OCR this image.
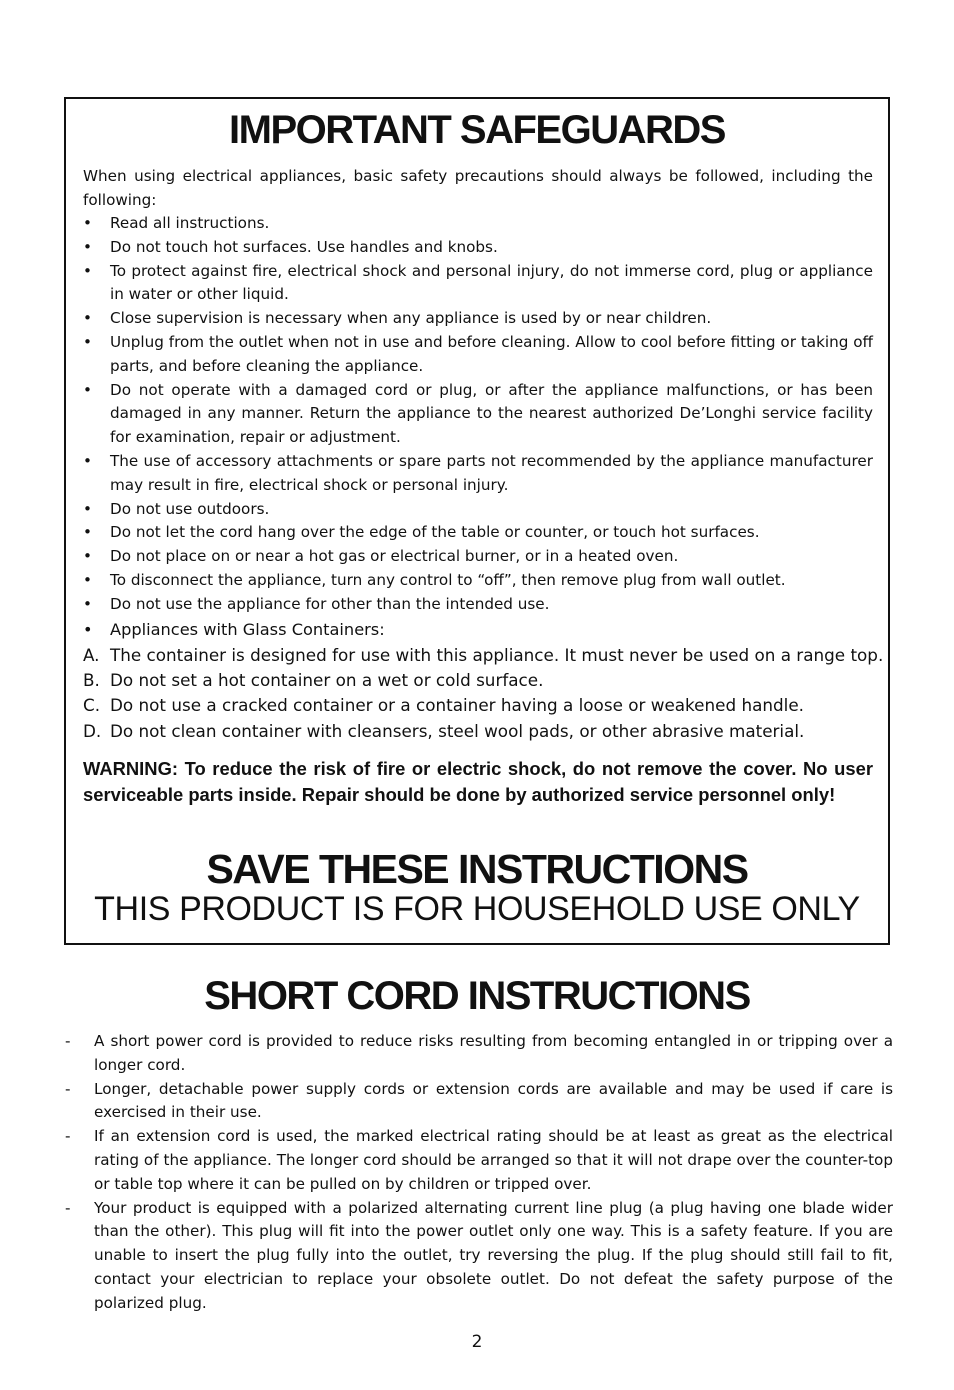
IMPORTANT SAFEGUARDS

When using electrical appliances, basic safety precautions should always be followed, including the following:

• Read all instructions.
• Do not touch hot surfaces. Use handles and knobs.
• To protect against fire, electrical shock and personal injury, do not immerse cord, plug or appliance in water or other liquid.
• Close supervision is necessary when any appliance is used by or near children.
• Unplug from the outlet when not in use and before cleaning. Allow to cool before fitting or taking off parts, and before cleaning the appliance.
• Do not operate with a damaged cord or plug, or after the appliance malfunctions, or has been damaged in any manner. Return the appliance to the nearest authorized De’Longhi service facility for examination, repair or adjustment.
• The use of accessory attachments or spare parts not recommended by the appliance manufacturer may result in fire, electrical shock or personal injury.
• Do not use outdoors.
• Do not let the cord hang over the edge of the table or counter, or touch hot surfaces.
• Do not place on or near a hot gas or electrical burner, or in a heated oven.
• To disconnect the appliance, turn any control to “off”, then remove plug from wall outlet.
• Do not use the appliance for other than the intended use.

• Appliances with Glass Containers:

A. The container is designed for use with this appliance. It must never be used on a range top.
B. Do not set a hot container on a wet or cold surface.
C. Do not use a cracked container or a container having a loose or weakened handle.
D. Do not clean container with cleansers, steel wool pads, or other abrasive material.

WARNING: To reduce the risk of fire or electric shock, do not remove the cover. No user serviceable parts inside. Repair should be done by authorized service personnel only!

SAVE THESE INSTRUCTIONS

THIS PRODUCT IS FOR HOUSEHOLD USE ONLY

SHORT CORD INSTRUCTIONS
- A short power cord is provided to reduce risks resulting from becoming entangled in or tripping over a longer cord.
- Longer, detachable power supply cords or extension cords are available and may be used if care is exercised in their use.
- If an extension cord is used, the marked electrical rating should be at least as great as the electrical rating of the appliance. The longer cord should be arranged so that it will not drape over the counter-top or table top where it can be pulled on by children or tripped over.
- Your product is equipped with a polarized alternating current line plug (a plug having one blade wider than the other). This plug will fit into the power outlet only one way. This is a safety feature. If you are unable to insert the plug fully into the outlet, try reversing the plug. If the plug should still fail to fit, contact your electrician to replace your obsolete outlet. Do not defeat the safety purpose of the polarized plug.

2
